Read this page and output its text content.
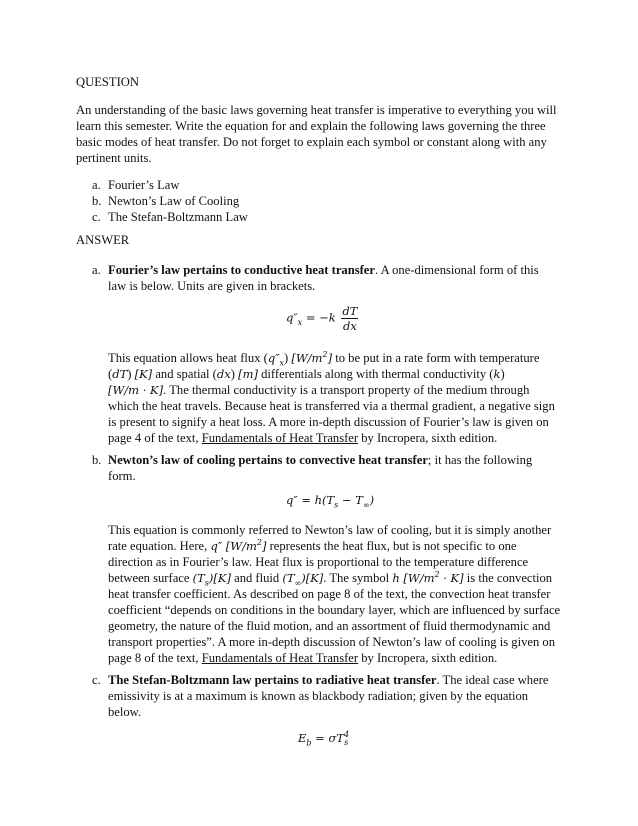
QUESTION
An understanding of the basic laws governing heat transfer is imperative to everything you will
learn this semester. Write the equation for and explain the following laws governing the three
basic modes of heat transfer. Do not forget to explain each symbol or constant along with any
pertinent units.
a. Fourier’s Law
b. Newton’s Law of Cooling
c. The Stefan-Boltzmann Law
ANSWER
a. Fourier’s law pertains to conductive heat transfer. A one-dimensional form of this
law is below. Units are given in brackets.
$q''_x = -k \frac{dT}{dx}$
This equation allows heat flux $(q''_x)$ $[W/m^2]$ to be put in a rate form with temperature
(dT) [K] and spatial (dx) [m] differentials along with thermal conductivity (k)
[W/m · K]. The thermal conductivity is a transport property of the medium through
which the heat travels. Because heat is transferred via a thermal gradient, a negative sign
is present to signify a heat loss. A more in-depth discussion of Fourier’s law is given on
page 4 of the text, Fundamentals of Heat Transfer by Incropera, sixth edition.
b. Newton’s law of cooling pertains to convective heat transfer; it has the following
form.
$q'' = h(T_s - T_\infty)$
This equation is commonly referred to Newton’s law of cooling, but it is simply another
rate equation. Here, q″ $[W/m^2]$ represents the heat flux, but is not specific to one
direction as in Fourier’s law. Heat flux is proportional to the temperature difference
between surface $(T_s)[K]$ and fluid $(T_\infty)[K]$. The symbol h $[W/m^2 \cdot K]$ is the convection
heat transfer coefficient. As described on page 8 of the text, the convection heat transfer
coefficient “depends on conditions in the boundary layer, which are influenced by surface
geometry, the nature of the fluid motion, and an assortment of fluid thermodynamic and
transport properties”. A more in-depth discussion of Newton’s law of cooling is given on
page 8 of the text, Fundamentals of Heat Transfer by Incropera, sixth edition.
c. The Stefan-Boltzmann law pertains to radiative heat transfer. The ideal case where
emissivity is at a maximum is known as blackbody radiation; given by the equation
below.
$E_b = \sigma T^4_s$
